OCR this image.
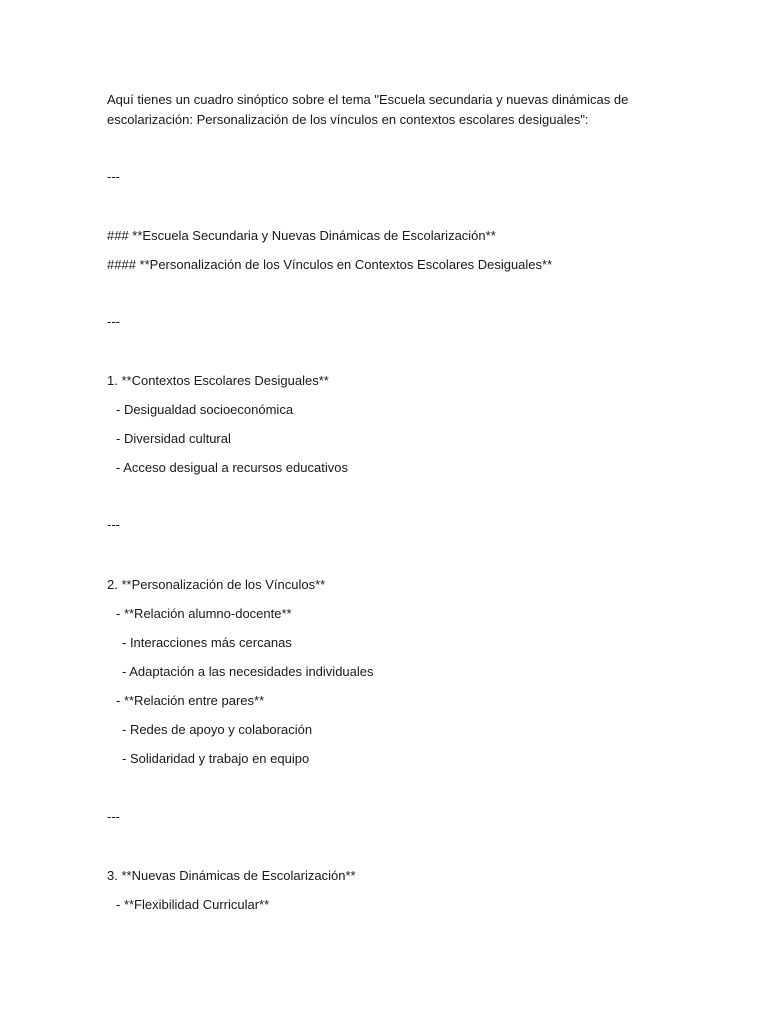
Aquí tienes un cuadro sinóptico sobre el tema "Escuela secundaria y nuevas dinámicas de escolarización: Personalización de los vínculos en contextos escolares desiguales":

---

### **Escuela Secundaria y Nuevas Dinámicas de Escolarización**

#### **Personalización de los Vínculos en Contextos Escolares Desiguales**

---

1. **Contextos Escolares Desiguales**

- Desigualdad socioeconómica

- Diversidad cultural

- Acceso desigual a recursos educativos

---

2. **Personalización de los Vínculos**

- **Relación alumno-docente**

- Interacciones más cercanas

- Adaptación a las necesidades individuales

- **Relación entre pares**

- Redes de apoyo y colaboración

- Solidaridad y trabajo en equipo

---

3. **Nuevas Dinámicas de Escolarización**

- **Flexibilidad Curricular**
